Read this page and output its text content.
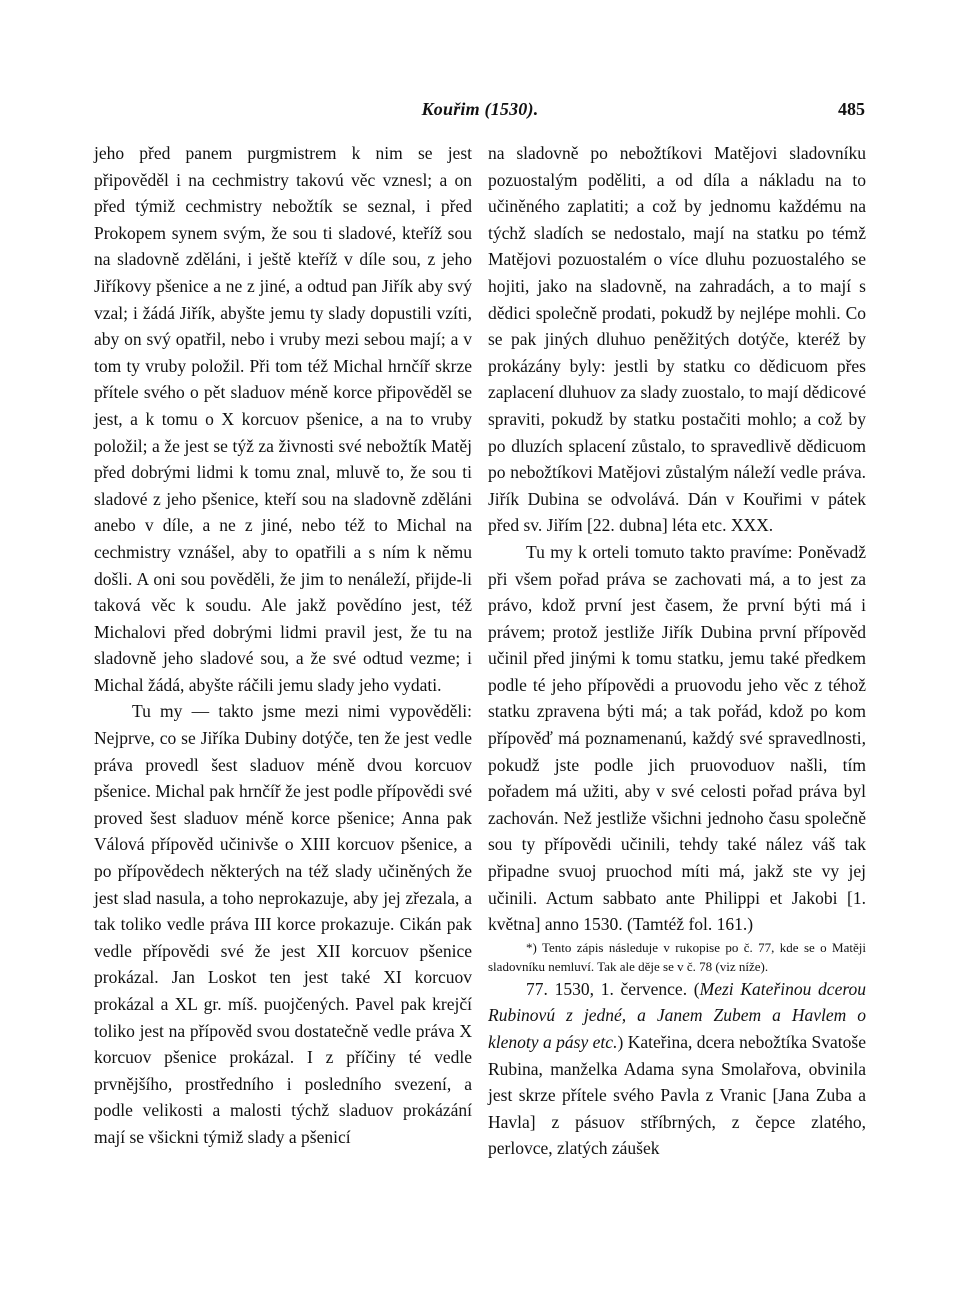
Kouřim (1530).	485

jeho před panem purgmistrem k nim se jest připověděl i na cechmistry takovú věc vznesl; a on před týmiž cechmistry nebožtík se seznal, i před Prokopem synem svým, že sou ti sladové, kteříž sou na sladovně zděláni, i ještě kteříž v díle sou, z jeho Jiříkovy pšenice a ne z jiné, a odtud pan Jiřík aby svý vzal; i žádá Jiřík, abyšte jemu ty slady dopustili vzíti, aby on svý opatřil, nebo i vruby mezi sebou mají; a v tom ty vruby položil. Při tom též Michal hrnčíř skrze přítele svého o pět sladuov méně korce připověděl se jest, a k tomu o X korcuov pšenice, a na to vruby položil; a že jest se týž za živnosti své nebožtík Matěj před dobrými lidmi k tomu znal, mluvě to, že sou ti sladové z jeho pšenice, kteří sou na sladovně zděláni anebo v díle, a ne z jiné, nebo též to Michal na cechmistry vznášel, aby to opatřili a s ním k němu došli. A oni sou pověděli, že jim to nenáleží, přijde-li taková věc k soudu. Ale jakž povědíno jest, též Michalovi před dobrými lidmi pravil jest, že tu na sladovně jeho sladové sou, a že své odtud vezme; i Michal žádá, abyšte ráčili jemu slady jeho vydati.

Tu my — takto jsme mezi nimi vypověděli: Nejprve, co se Jiříka Dubiny dotýče, ten že jest vedle práva provedl šest sladuov méně dvou korcuov pšenice. Michal pak hrnčíř že jest podle přípovědi své proved šest sladuov méně korce pšenice; Anna pak Válová přípověd učinivše o XIII korcuov pšenice, a po přípovědech některých na též slady učiněných že jest slad nasula, a toho neprokazuje, aby jej zřezala, a tak toliko vedle práva III korce prokazuje. Cikán pak vedle přípovědi své že jest XII korcuov pšenice prokázal. Jan Loskot ten jest také XI korcuov prokázal a XL gr. míš. puojčených. Pavel pak krejčí toliko jest na přípověd svou dostatečně vedle práva X korcuov pšenice prokázal. I z příčiny té vedle prvnějšího, prostředního i posledního svezení, a podle velikosti a malosti týchž sladuov prokázání mají se všickni týmiž slady a pšenicí

na sladovně po nebožtíkovi Matějovi sladovníku pozuostalým poděliti, a od díla a nákladu na to učiněného zaplatiti; a což by jednomu každému na týchž sladích se nedostalo, mají na statku po témž Matějovi pozuostalém o více dluhu pozuostalého se hojiti, jako na sladovně, na zahradách, a to mají s dědici společně prodati, pokudž by nejlépe mohli. Co se pak jiných dluhuo peněžitých dotýče, kteréž by prokázány byly: jestli by statku co dědicuom přes zaplacení dluhuov za slady zuostalo, to mají dědicové spraviti, pokudž by statku postačiti mohlo; a což by po dluzích splacení zůstalo, to spravedlivě dědicuom po nebožtíkovi Matějovi zůstalým náleží vedle práva. Jiřík Dubina se odvolává. Dán v Kouřimi v pátek před sv. Jiřím [22. dubna] léta etc. XXX.

Tu my k orteli tomuto takto pravíme: Poněvadž při všem pořad práva se zachovati má, a to jest za právo, kdož první jest časem, že první býti má i právem; protož jestliže Jiřík Dubina první přípověd učinil před jinými k tomu statku, jemu také předkem podle té jeho přípovědi a pruovodu jeho věc z téhož statku zpravena býti má; a tak pořád, kdož po kom přípověď má poznamenanú, každý své spravedlnosti, pokudž jste podle jich pruovoduov našli, tím pořadem má užiti, aby v své celosti pořad práva byl zachován. Než jestliže všichni jednoho času společně sou ty přípovědi učinili, tehdy také nález váš tak připadne svuoj pruochod míti má, jakž ste vy jej učinili. Actum sabbato ante Philippi et Jakobi [1. května] anno 1530. (Tamtéž fol. 161.)

*) Tento zápis následuje v rukopise po č. 77, kde se o Matěji sladovníku nemluví. Tak ale děje se v č. 78 (viz níže).

77. 1530, 1. července. (Mezi Kateřinou dcerou Rubinovú z jedné, a Janem Zubem a Havlem o klenoty a pásy etc.) Kateřina, dcera nebožtíka Svatoše Rubina, manželka Adama syna Smolařova, obvinila jest skrze přítele svého Pavla z Vranic [Jana Zuba a Havla] z pásuov stříbrných, z čepce zlatého, perlovce, zlatých záušek
